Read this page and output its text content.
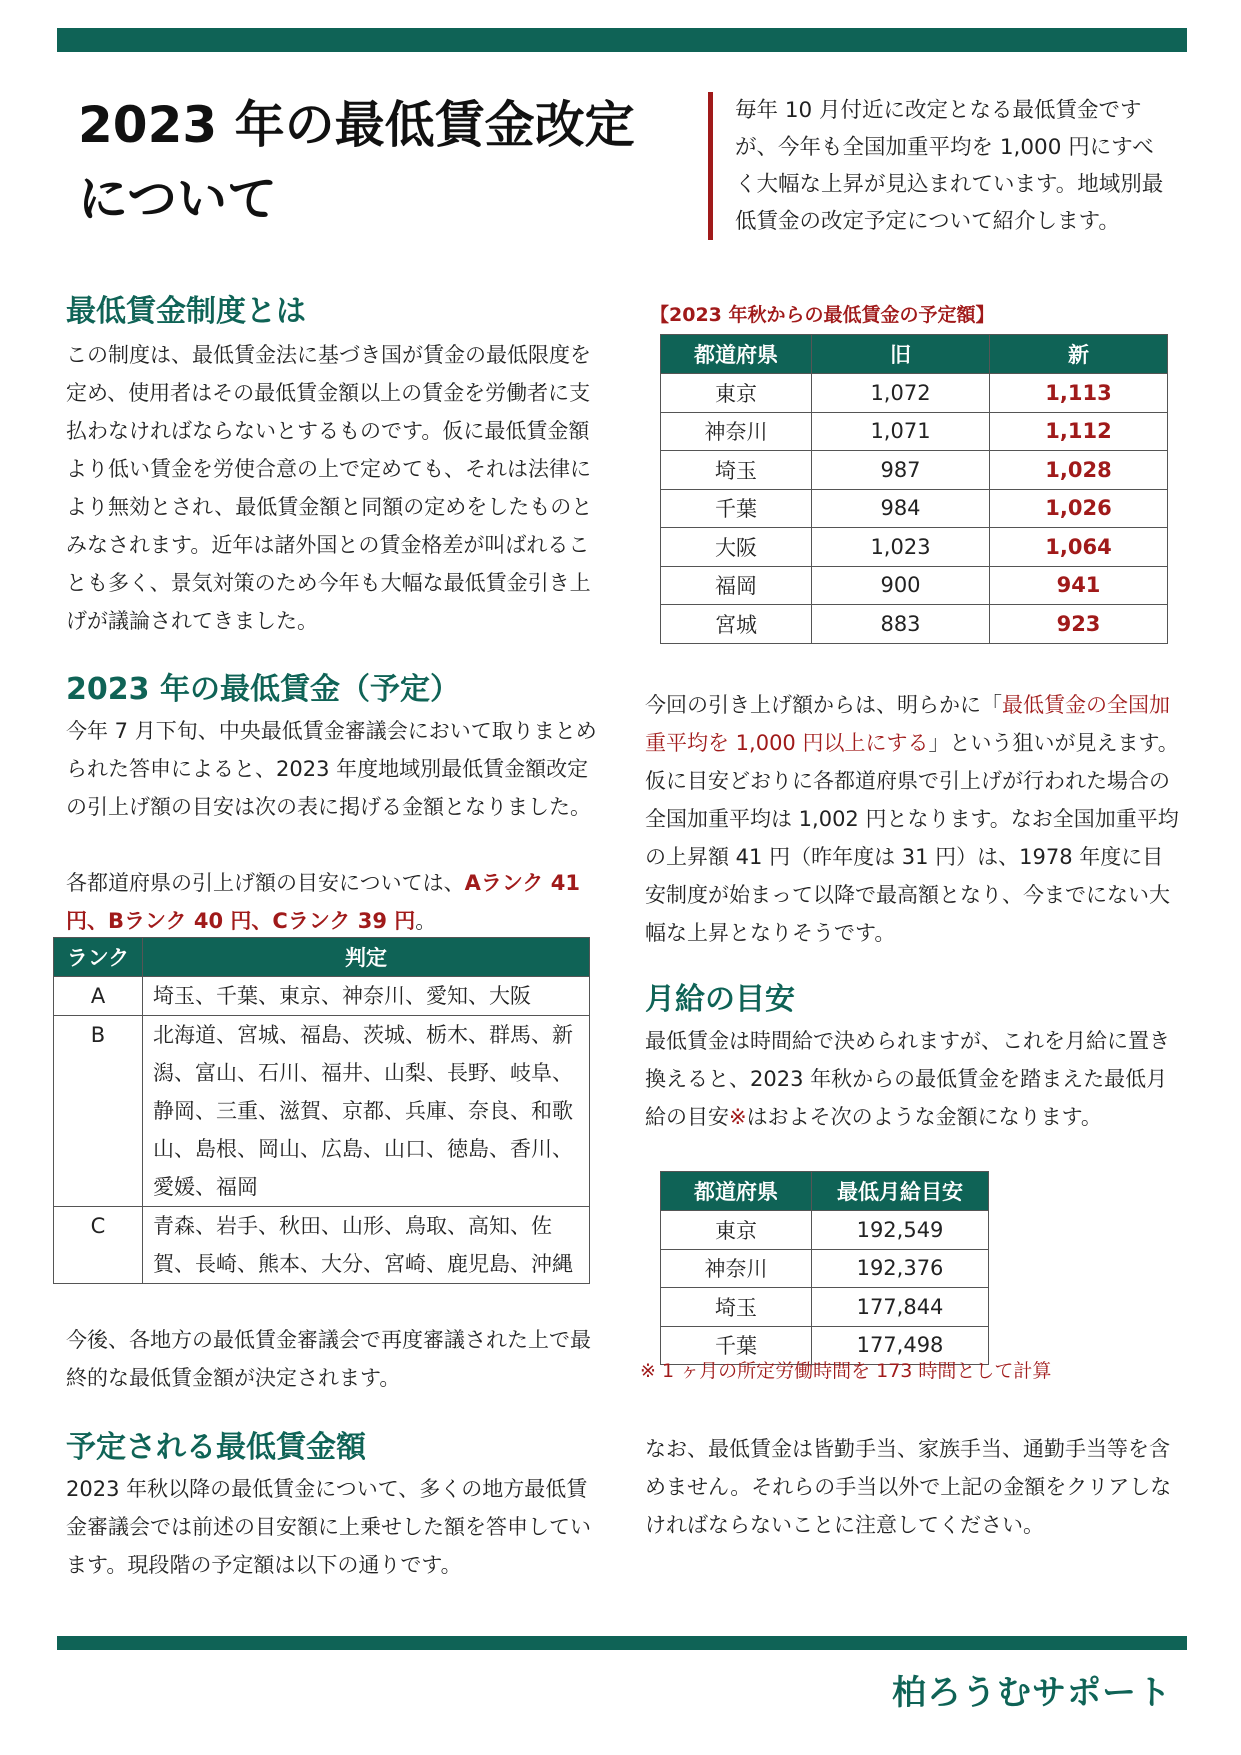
2023 年の最低賃金改定
について
毎年 10 月付近に改定となる最低賃金ですが、今年も全国加重平均を 1,000 円にすべく大幅な上昇が見込まれています。地域別最低賃金の改定予定について紹介します。
最低賃金制度とは
この制度は、最低賃金法に基づき国が賃金の最低限度を定め、使用者はその最低賃金額以上の賃金を労働者に支払わなければならないとするものです。仮に最低賃金額より低い賃金を労使合意の上で定めても、それは法律により無効とされ、最低賃金額と同額の定めをしたものとみなされます。近年は諸外国との賃金格差が叫ばれることも多く、景気対策のため今年も大幅な最低賃金引き上げが議論されてきました。
2023 年の最低賃金（予定）
今年 7 月下旬、中央最低賃金審議会において取りまとめられた答申によると、2023 年度地域別最低賃金額改定の引上げ額の目安は次の表に掲げる金額となりました。
各都道府県の引上げ額の目安については、Aランク 41 円、Bランク 40 円、Cランク 39 円。
ランク	判定
A	埼玉、千葉、東京、神奈川、愛知、大阪
B	北海道、宮城、福島、茨城、栃木、群馬、新潟、富山、石川、福井、山梨、長野、岐阜、静岡、三重、滋賀、京都、兵庫、奈良、和歌山、島根、岡山、広島、山口、徳島、香川、愛媛、福岡
C	青森、岩手、秋田、山形、鳥取、高知、佐賀、長崎、熊本、大分、宮崎、鹿児島、沖縄
今後、各地方の最低賃金審議会で再度審議された上で最終的な最低賃金額が決定されます。
予定される最低賃金額
2023 年秋以降の最低賃金について、多くの地方最低賃金審議会では前述の目安額に上乗せした額を答申しています。現段階の予定額は以下の通りです。
【2023 年秋からの最低賃金の予定額】
都道府県	旧	新
東京	1,072	1,113
神奈川	1,071	1,112
埼玉	987	1,028
千葉	984	1,026
大阪	1,023	1,064
福岡	900	941
宮城	883	923
今回の引き上げ額からは、明らかに「最低賃金の全国加重平均を 1,000 円以上にする」という狙いが見えます。仮に目安どおりに各都道府県で引上げが行われた場合の全国加重平均は 1,002 円となります。なお全国加重平均の上昇額 41 円（昨年度は 31 円）は、1978 年度に目安制度が始まって以降で最高額となり、今までにない大幅な上昇となりそうです。
月給の目安
最低賃金は時間給で決められますが、これを月給に置き換えると、2023 年秋からの最低賃金を踏まえた最低月給の目安※はおよそ次のような金額になります。
都道府県	最低月給目安
東京	192,549
神奈川	192,376
埼玉	177,844
千葉	177,498
※ 1 ヶ月の所定労働時間を 173 時間として計算
なお、最低賃金は皆勤手当、家族手当、通勤手当等を含めません。それらの手当以外で上記の金額をクリアしなければならないことに注意してください。
柏ろうむサポート
